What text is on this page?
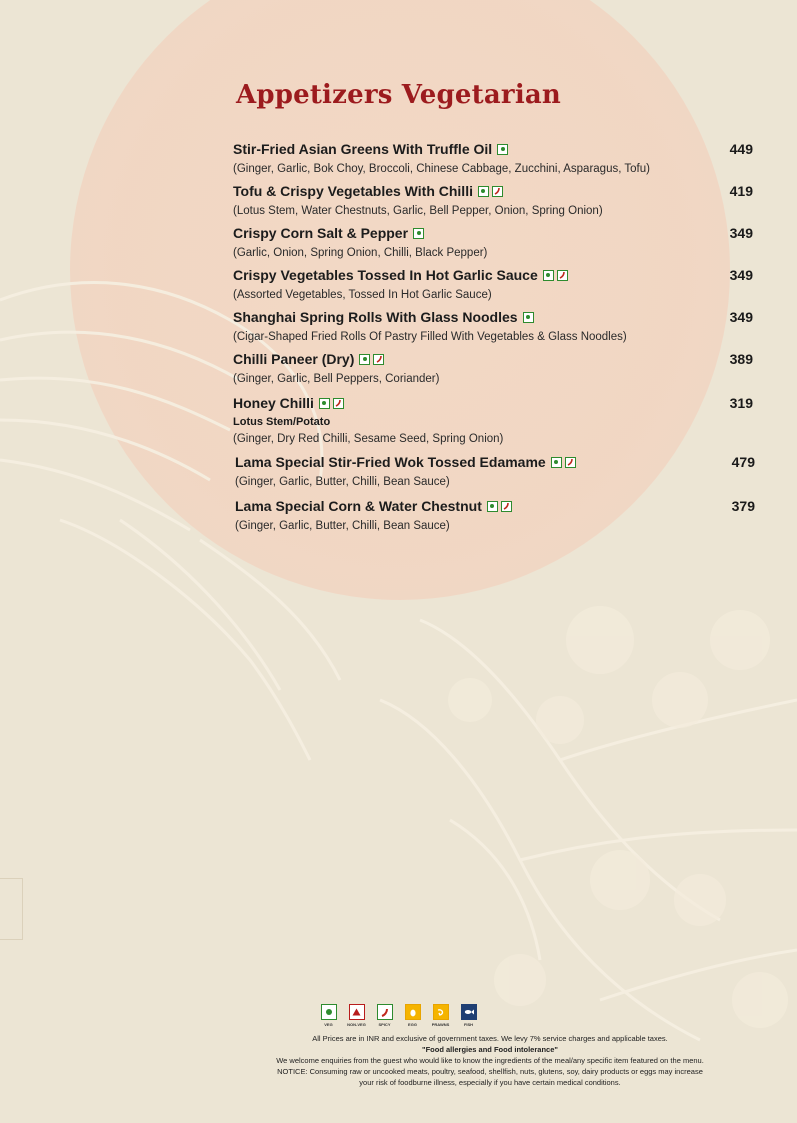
Appetizers Vegetarian
Stir-Fried Asian Greens With Truffle Oil	449
(Ginger, Garlic, Bok Choy, Broccoli, Chinese Cabbage, Zucchini, Asparagus, Tofu)
Tofu & Crispy Vegetables With Chilli	419
(Lotus Stem, Water Chestnuts, Garlic, Bell Pepper, Onion, Spring Onion)
Crispy Corn Salt & Pepper	349
(Garlic, Onion, Spring Onion, Chilli, Black Pepper)
Crispy Vegetables Tossed In Hot Garlic Sauce	349
(Assorted Vegetables, Tossed In Hot Garlic Sauce)
Shanghai Spring Rolls With Glass Noodles	349
(Cigar-Shaped Fried Rolls Of Pastry Filled With Vegetables & Glass Noodles)
Chilli Paneer (Dry)	389
(Ginger, Garlic, Bell Peppers, Coriander)
Honey Chilli	319
Lotus Stem/Potato
(Ginger, Dry Red Chilli, Sesame Seed, Spring Onion)
Lama Special Stir-Fried Wok Tossed Edamame	479
(Ginger, Garlic, Butter, Chilli, Bean Sauce)
Lama Special Corn & Water Chestnut	379
(Ginger, Garlic, Butter, Chilli, Bean Sauce)
VEG	NON-VEG	SPICY	EGG	PRAWNS	FISH
All Prices are in INR and exclusive of government taxes. We levy 7% service charges and applicable taxes.
"Food allergies and Food intolerance"
We welcome enquiries from the guest who would like to know the ingredients of the meal/any specific item featured on the menu.
NOTICE: Consuming raw or uncooked meats, poultry, seafood, shellfish, nuts, glutens, soy, dairy products or eggs may increase your risk of foodburne illness, especially if you have certain medical conditions.
